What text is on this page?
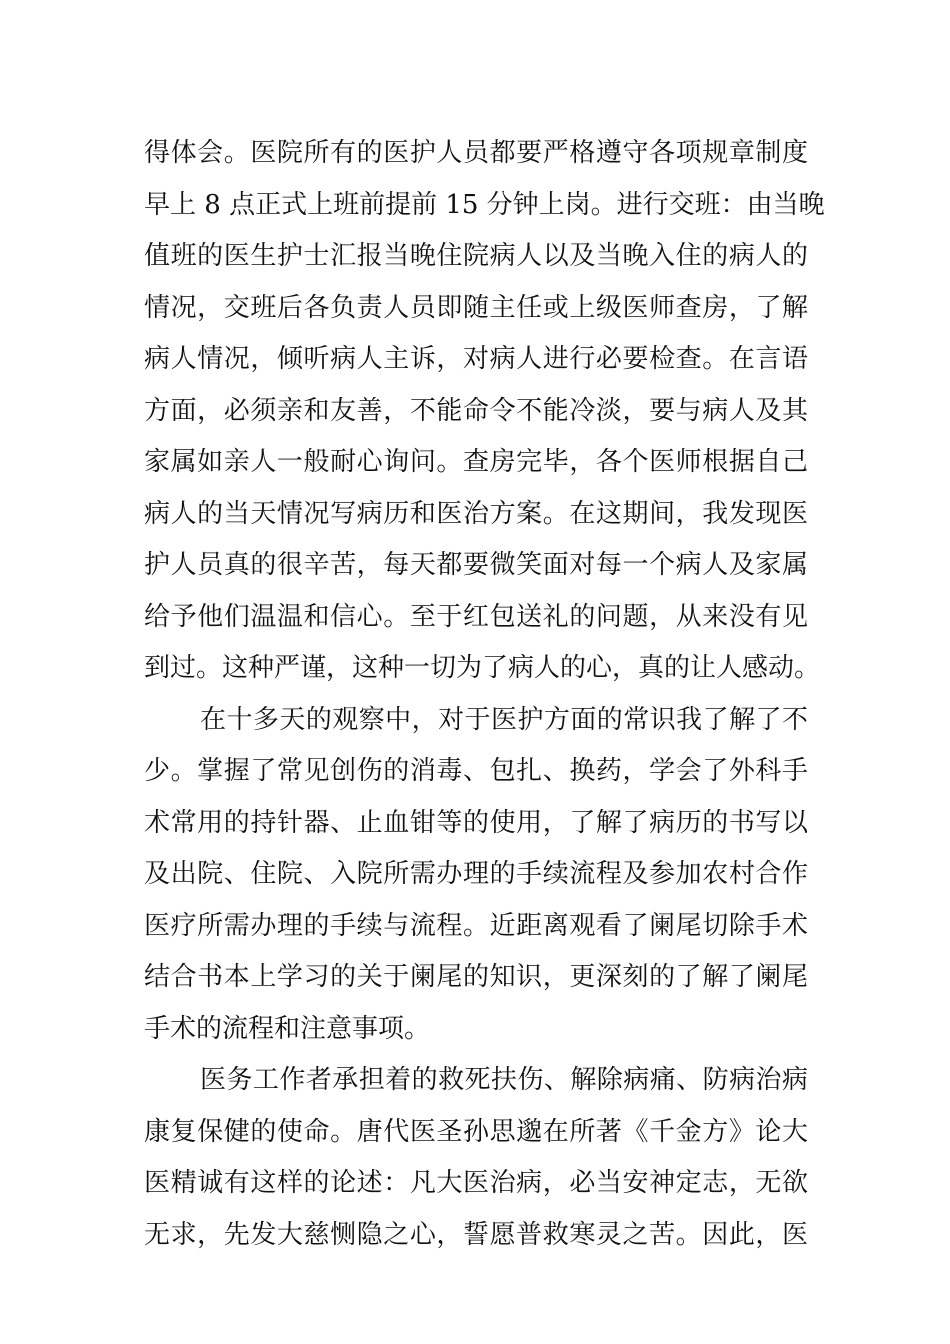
得体会。医院所有的医护人员都要严格遵守各项规章制度
早上 8 点正式上班前提前 15 分钟上岗。进行交班：由当晚
值班的医生护士汇报当晚住院病人以及当晚入住的病人的
情况，交班后各负责人员即随主任或上级医师查房，了解
病人情况，倾听病人主诉，对病人进行必要检查。在言语
方面，必须亲和友善，不能命令不能冷淡，要与病人及其
家属如亲人一般耐心询问。查房完毕，各个医师根据自己
病人的当天情况写病历和医治方案。在这期间，我发现医
护人员真的很辛苦，每天都要微笑面对每一个病人及家属
给予他们温温和信心。至于红包送礼的问题，从来没有见
到过。这种严谨，这种一切为了病人的心，真的让人感动。
在十多天的观察中，对于医护方面的常识我了解了不
少。掌握了常见创伤的消毒、包扎、换药，学会了外科手
术常用的持针器、止血钳等的使用，了解了病历的书写以
及出院、住院、入院所需办理的手续流程及参加农村合作
医疗所需办理的手续与流程。近距离观看了阑尾切除手术
结合书本上学习的关于阑尾的知识，更深刻的了解了阑尾
手术的流程和注意事项。
医务工作者承担着的救死扶伤、解除病痛、防病治病
康复保健的使命。唐代医圣孙思邈在所著《千金方》论大
医精诚有这样的论述：凡大医治病，必当安神定志，无欲
无求，先发大慈恻隐之心，誓愿普救寒灵之苦。因此，医
